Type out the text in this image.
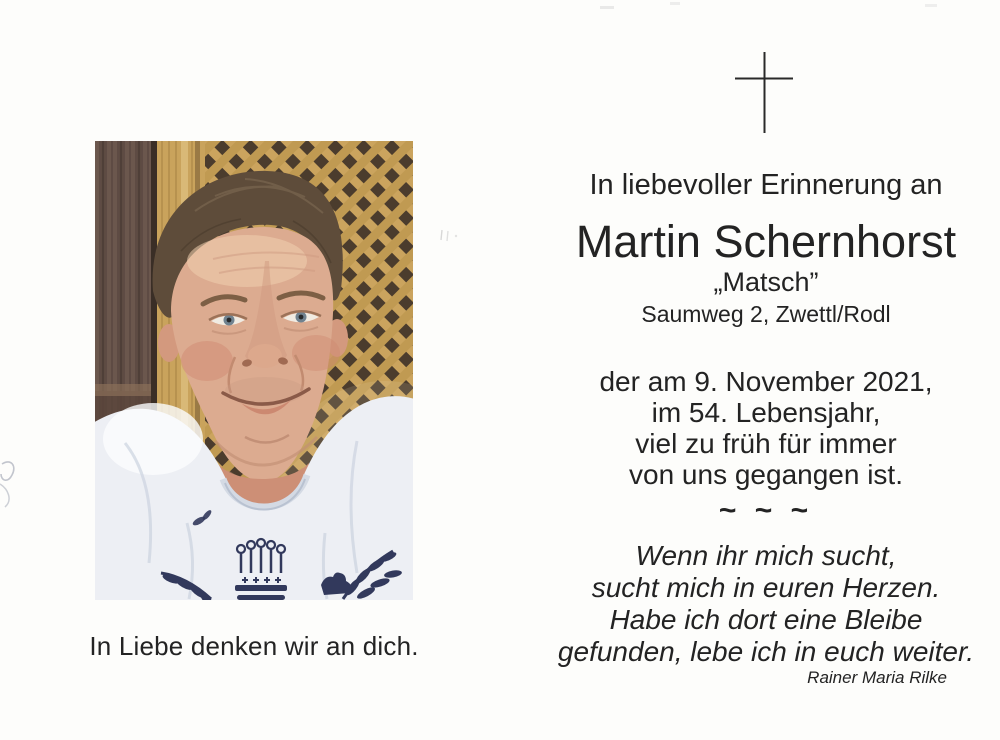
In Liebe denken wir an dich.
In liebevoller Erinnerung an
Martin Schernhorst
„Matsch”
Saumweg 2, Zwettl/Rodl
der am 9. November 2021,
im 54. Lebensjahr,
viel zu früh für immer
von uns gegangen ist.
~ ~ ~
Wenn ihr mich sucht,
sucht mich in euren Herzen.
Habe ich dort eine Bleibe
gefunden, lebe ich in euch weiter.
Rainer Maria Rilke
